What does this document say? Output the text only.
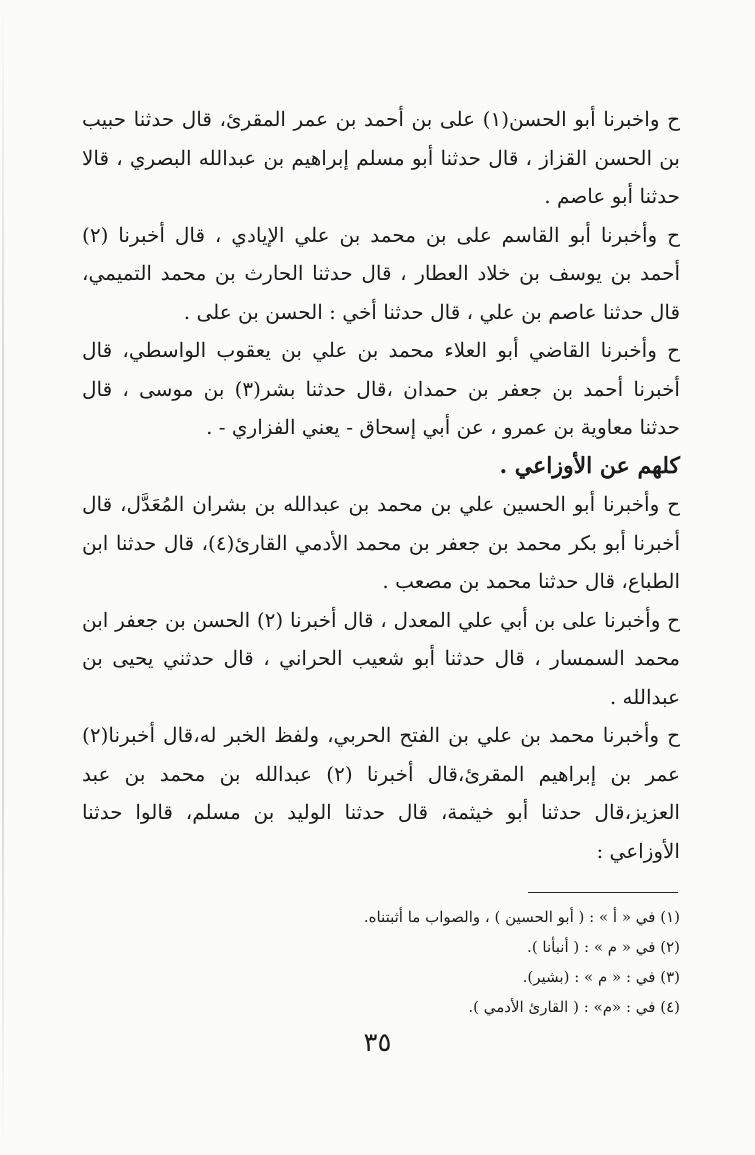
ح واخبرنا أبو الحسن(١) على بن أحمد بن عمر المقرئ، قال حدثنا حبيب بن الحسن القزاز ، قال حدثنا أبو مسلم إبراهيم بن عبدالله البصري ، قالا حدثنا أبو عاصم .

ح وأخبرنا أبو القاسم على بن محمد بن علي الإيادي ، قال أخبرنا (٢) أحمد بن يوسف بن خلاد العطار ، قال حدثنا الحارث بن محمد التميمي، قال حدثنا عاصم بن علي ، قال حدثنا أخي : الحسن بن على .

ح وأخبرنا القاضي أبو العلاء محمد بن علي بن يعقوب الواسطي، قال أخبرنا أحمد بن جعفر بن حمدان ،قال حدثنا بشر(٣) بن موسى ، قال حدثنا معاوية بن عمرو ، عن أبي إسحاق - يعني الفزاري - .

كلهم عن الأوزاعي .

ح وأخبرنا أبو الحسين علي بن محمد بن عبدالله بن بشران المُعَدَّل، قال أخبرنا أبو بكر محمد بن جعفر بن محمد الأدمي القارئ(٤)، قال حدثنا ابن الطباع، قال حدثنا محمد بن مصعب .

ح وأخبرنا على بن أبي علي المعدل ، قال أخبرنا (٢) الحسن بن جعفر ابن محمد السمسار ، قال حدثنا أبو شعيب الحراني ، قال حدثني يحيى بن عبدالله .

ح وأخبرنا محمد بن علي بن الفتح الحربي، ولفظ الخبر له،قال أخبرنا(٢) عمر بن إبراهيم المقرئ،قال أخبرنا (٢) عبدالله بن محمد بن عبد العزيز،قال حدثنا أبو خيثمة، قال حدثنا الوليد بن مسلم، قالوا حدثنا الأوزاعي :

(١) في « أ » : ( أبو الحسين ) ، والصواب ما أثبتناه.
(٢) في « م » : ( أنبأنا ).
(٣) في : « م » : (بشير).
(٤) في : «م» : ( القارئ الأدمي ).
٣٥
